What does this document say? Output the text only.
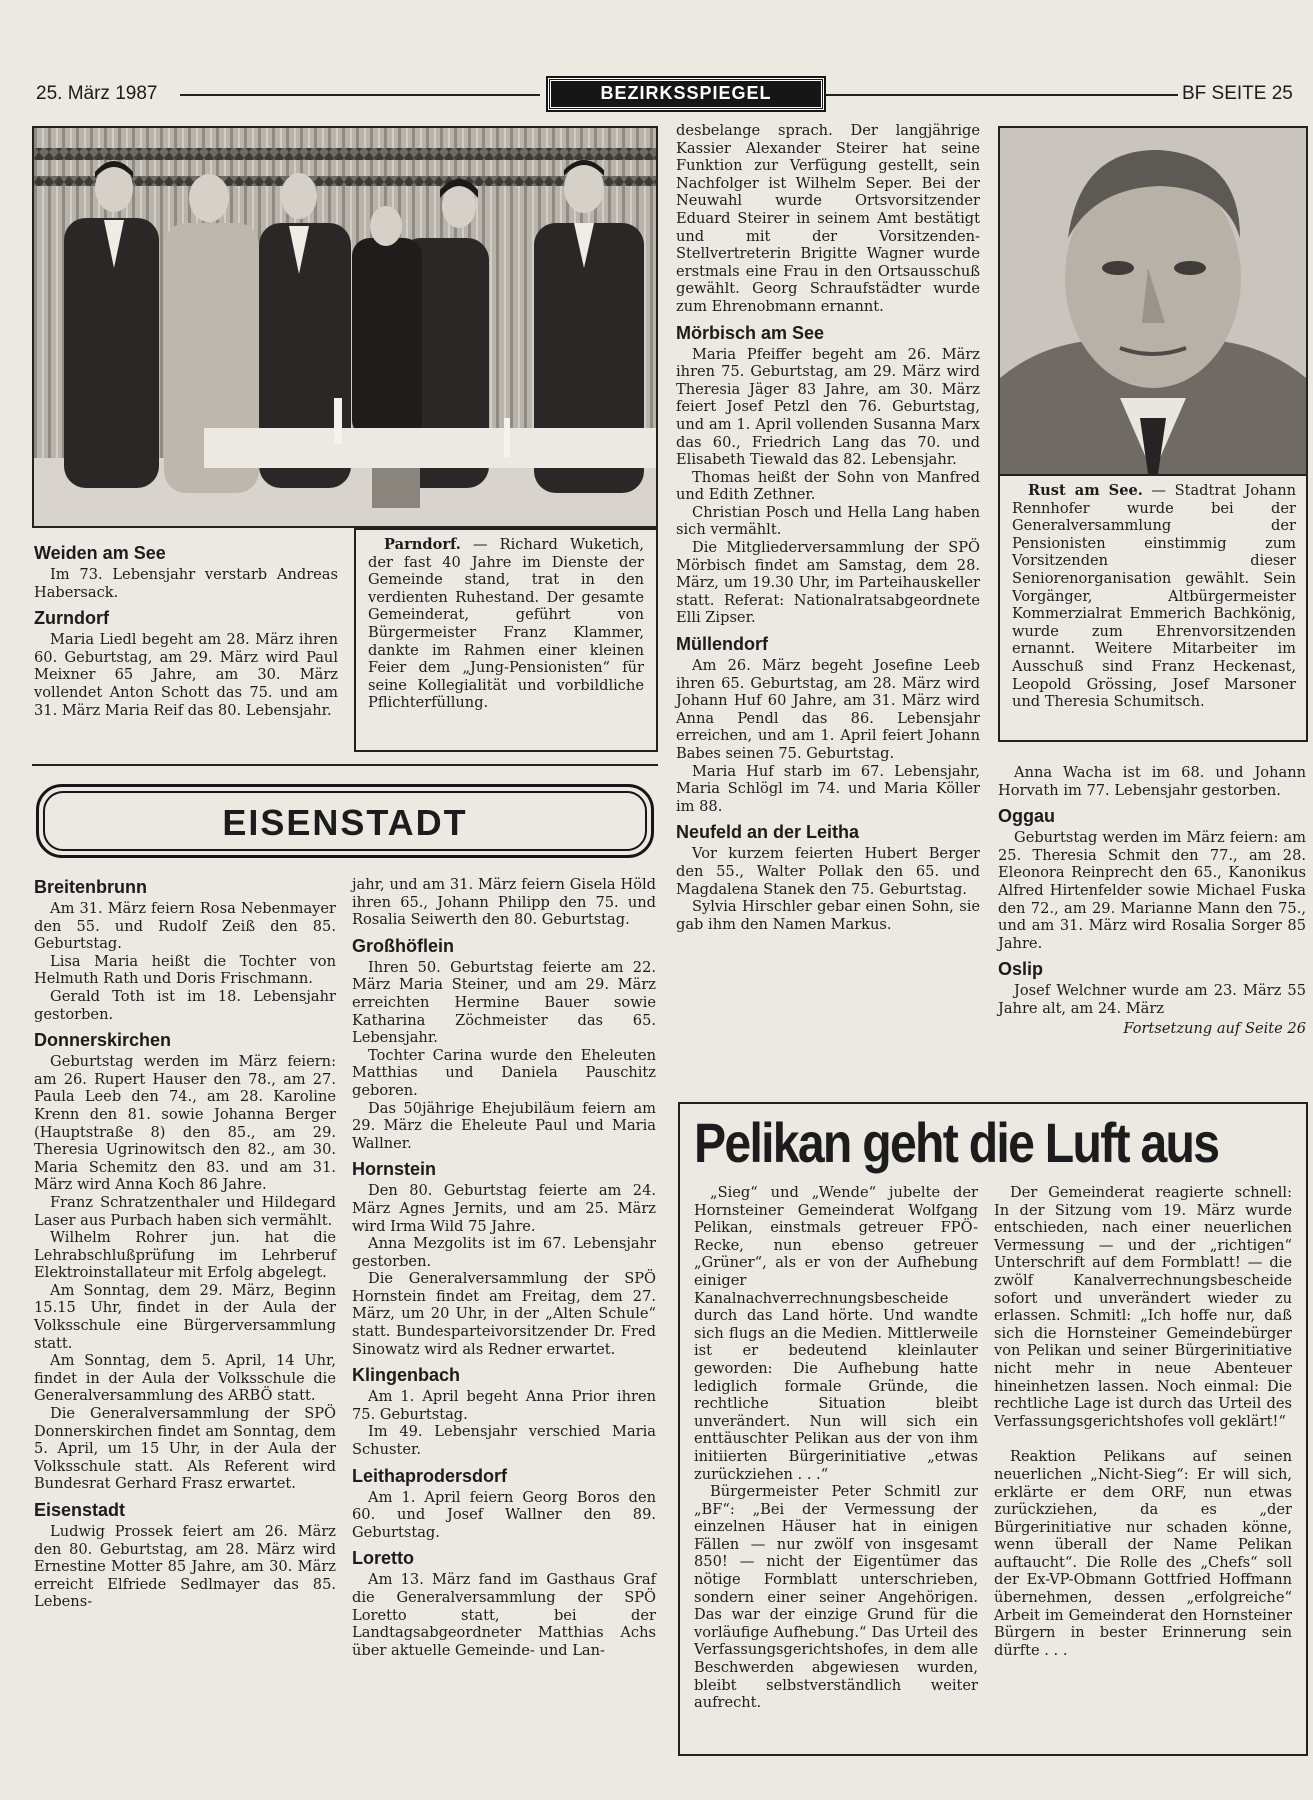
25. März 1987	BEZIRKSSPIEGEL	BF SEITE 25
Weiden am See

Im 73. Lebensjahr verstarb Andreas Habersack.

Zurndorf

Maria Liedl begeht am 28. März ihren 60. Geburtstag, am 29. März wird Paul Meixner 65 Jahre, am 30. März vollendet Anton Schott das 75. und am 31. März Maria Reif das 80. Lebensjahr.

Parndorf. — Richard Wuketich, der fast 40 Jahre im Dienste der Gemeinde stand, trat in den verdienten Ruhestand. Der gesamte Gemeinderat, geführt von Bürgermeister Franz Klammer, dankte im Rahmen einer kleinen Feier dem „Jung-Pensionisten“ für seine Kollegialität und vorbildliche Pflichterfüllung.

EISENSTADT
Breitenbrunn

Am 31. März feiern Rosa Nebenmayer den 55. und Rudolf Zeiß den 85. Geburtstag.

Lisa Maria heißt die Tochter von Helmuth Rath und Doris Frischmann.

Gerald Toth ist im 18. Lebensjahr gestorben.

Donnerskirchen

Geburtstag werden im März feiern: am 26. Rupert Hauser den 78., am 27. Paula Leeb den 74., am 28. Karoline Krenn den 81. sowie Johanna Berger (Hauptstraße 8) den 85., am 29. Theresia Ugrinowitsch den 82., am 30. Maria Schemitz den 83. und am 31. März wird Anna Koch 86 Jahre.

Franz Schratzenthaler und Hildegard Laser aus Purbach haben sich vermählt.

Wilhelm Rohrer jun. hat die Lehrabschlußprüfung im Lehrberuf Elektroinstallateur mit Erfolg abgelegt.

Am Sonntag, dem 29. März, Beginn 15.15 Uhr, findet in der Aula der Volksschule eine Bürgerversammlung statt.

Am Sonntag, dem 5. April, 14 Uhr, findet in der Aula der Volksschule die Generalversammlung des ARBÖ statt.

Die Generalversammlung der SPÖ Donnerskirchen findet am Sonntag, dem 5. April, um 15 Uhr, in der Aula der Volksschule statt. Als Referent wird Bundesrat Gerhard Frasz erwartet.

Eisenstadt

Ludwig Prossek feiert am 26. März den 80. Geburtstag, am 28. März wird Ernestine Motter 85 Jahre, am 30. März erreicht Elfriede Sedlmayer das 85. Lebens-

jahr, und am 31. März feiern Gisela Höld ihren 65., Johann Philipp den 75. und Rosalia Seiwerth den 80. Geburtstag.

Großhöflein

Ihren 50. Geburtstag feierte am 22. März Maria Steiner, und am 29. März erreichten Hermine Bauer sowie Katharina Zöchmeister das 65. Lebensjahr.

Tochter Carina wurde den Eheleuten Matthias und Daniela Pauschitz geboren.

Das 50jährige Ehejubiläum feiern am 29. März die Eheleute Paul und Maria Wallner.

Hornstein

Den 80. Geburtstag feierte am 24. März Agnes Jernits, und am 25. März wird Irma Wild 75 Jahre.

Anna Mezgolits ist im 67. Lebensjahr gestorben.

Die Generalversammlung der SPÖ Hornstein findet am Freitag, dem 27. März, um 20 Uhr, in der „Alten Schule“ statt. Bundesparteivorsitzender Dr. Fred Sinowatz wird als Redner erwartet.

Klingenbach

Am 1. April begeht Anna Prior ihren 75. Geburtstag.

Im 49. Lebensjahr verschied Maria Schuster.

Leithaprodersdorf

Am 1. April feiern Georg Boros den 60. und Josef Wallner den 89. Geburtstag.

Loretto

Am 13. März fand im Gasthaus Graf die Generalversammlung der SPÖ Loretto statt, bei der Landtagsabgeordneter Matthias Achs über aktuelle Gemeinde- und Lan-

desbelange sprach. Der langjährige Kassier Alexander Steirer hat seine Funktion zur Verfügung gestellt, sein Nachfolger ist Wilhelm Seper. Bei der Neuwahl wurde Ortsvorsitzender Eduard Steirer in seinem Amt bestätigt und mit der Vorsitzenden-Stellvertreterin Brigitte Wagner wurde erstmals eine Frau in den Ortsausschuß gewählt. Georg Schraufstädter wurde zum Ehrenobmann ernannt.

Mörbisch am See

Maria Pfeiffer begeht am 26. März ihren 75. Geburtstag, am 29. März wird Theresia Jäger 83 Jahre, am 30. März feiert Josef Petzl den 76. Geburtstag, und am 1. April vollenden Susanna Marx das 60., Friedrich Lang das 70. und Elisabeth Tiewald das 82. Lebensjahr.

Thomas heißt der Sohn von Manfred und Edith Zethner.

Christian Posch und Hella Lang haben sich vermählt.

Die Mitgliederversammlung der SPÖ Mörbisch findet am Samstag, dem 28. März, um 19.30 Uhr, im Parteihauskeller statt. Referat: Nationalratsabgeordnete Elli Zipser.

Müllendorf

Am 26. März begeht Josefine Leeb ihren 65. Geburtstag, am 28. März wird Johann Huf 60 Jahre, am 31. März wird Anna Pendl das 86. Lebensjahr erreichen, und am 1. April feiert Johann Babes seinen 75. Geburtstag.

Maria Huf starb im 67. Lebensjahr, Maria Schlögl im 74. und Maria Köller im 88.

Neufeld an der Leitha

Vor kurzem feierten Hubert Berger den 55., Walter Pollak den 65. und Magdalena Stanek den 75. Geburtstag.

Sylvia Hirschler gebar einen Sohn, sie gab ihm den Namen Markus.

Rust am See. — Stadtrat Johann Rennhofer wurde bei der Generalversammlung der Pensionisten einstimmig zum Vorsitzenden dieser Seniorenorganisation gewählt. Sein Vorgänger, Altbürgermeister Kommerzialrat Emmerich Bachkönig, wurde zum Ehrenvorsitzenden ernannt. Weitere Mitarbeiter im Ausschuß sind Franz Heckenast, Leopold Grössing, Josef Marsoner und Theresia Schumitsch.

Anna Wacha ist im 68. und Johann Horvath im 77. Lebensjahr gestorben.

Oggau

Geburtstag werden im März feiern: am 25. Theresia Schmit den 77., am 28. Eleonora Reinprecht den 65., Kanonikus Alfred Hirtenfelder sowie Michael Fuska den 72., am 29. Marianne Mann den 75., und am 31. März wird Rosalia Sorger 85 Jahre.

Oslip

Josef Welchner wurde am 23. März 55 Jahre alt, am 24. März

Fortsetzung auf Seite 26
Pelikan geht die Luft aus

„Sieg“ und „Wende“ jubelte der Hornsteiner Gemeinderat Wolfgang Pelikan, einstmals getreuer FPÖ-Recke, nun ebenso getreuer „Grüner“, als er von der Aufhebung einiger Kanalnachverrechnungsbescheide durch das Land hörte. Und wandte sich flugs an die Medien. Mittlerweile ist er bedeutend kleinlauter geworden: Die Aufhebung hatte lediglich formale Gründe, die rechtliche Situation bleibt unverändert. Nun will sich ein enttäuschter Pelikan aus der von ihm initiierten Bürgerinitiative „etwas zurückziehen . . .“

Bürgermeister Peter Schmitl zur „BF“: „Bei der Vermessung der einzelnen Häuser hat in einigen Fällen — nur zwölf von insgesamt 850! — nicht der Eigentümer das nötige Formblatt unterschrieben, sondern einer seiner Angehörigen. Das war der einzige Grund für die vorläufige Aufhebung.“ Das Urteil des Verfassungsgerichtshofes, in dem alle Beschwerden abgewiesen wurden, bleibt selbstverständlich weiter aufrecht.

Der Gemeinderat reagierte schnell: In der Sitzung vom 19. März wurde entschieden, nach einer neuerlichen Vermessung — und der „richtigen“ Unterschrift auf dem Formblatt! — die zwölf Kanalverrechnungsbescheide sofort und unverändert wieder zu erlassen. Schmitl: „Ich hoffe nur, daß sich die Hornsteiner Gemeindebürger von Pelikan und seiner Bürgerinitiative nicht mehr in neue Abenteuer hineinhetzen lassen. Noch einmal: Die rechtliche Lage ist durch das Urteil des Verfassungsgerichtshofes voll geklärt!“

Reaktion Pelikans auf seinen neuerlichen „Nicht-Sieg“: Er will sich, erklärte er dem ORF, nun etwas zurückziehen, da es „der Bürgerinitiative nur schaden könne, wenn überall der Name Pelikan auftaucht“. Die Rolle des „Chefs“ soll der Ex-VP-Obmann Gottfried Hoffmann übernehmen, dessen „erfolgreiche“ Arbeit im Gemeinderat den Hornsteiner Bürgern in bester Erinnerung sein dürfte . . .
